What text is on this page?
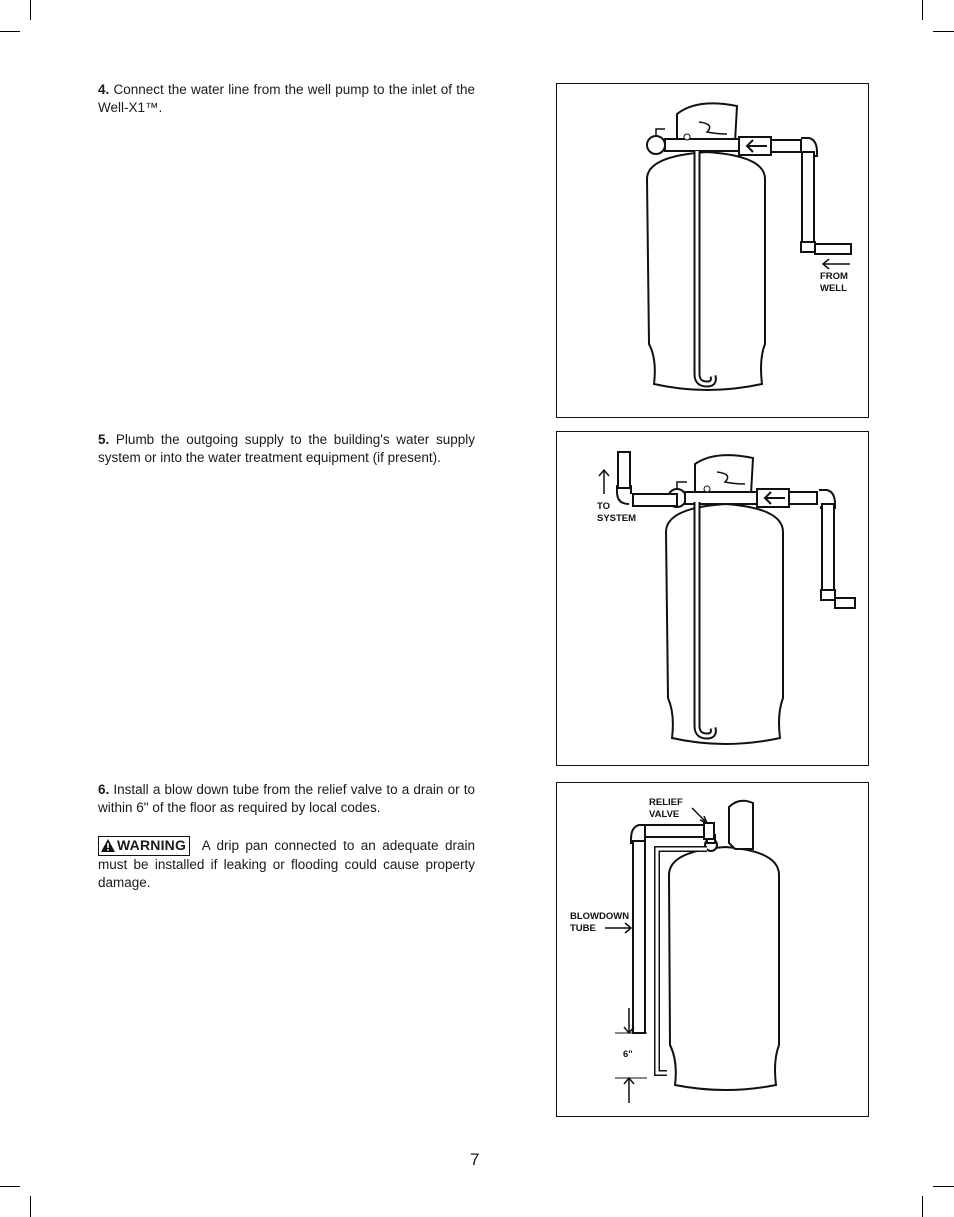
4. Connect the water line from the well pump to the inlet of the Well-X1™.
5. Plumb the outgoing supply to the building's water supply system or into the water treatment equipment (if present).
6. Install a blow down tube from the relief valve to a drain or to within 6" of the floor as required by local codes.
WARNING A drip pan connected to an adequate drain must be installed if leaking or flooding could cause property damage.
FROM
WELL
TO
SYSTEM
RELIEF
VALVE
BLOWDOWN
TUBE
6"
7
